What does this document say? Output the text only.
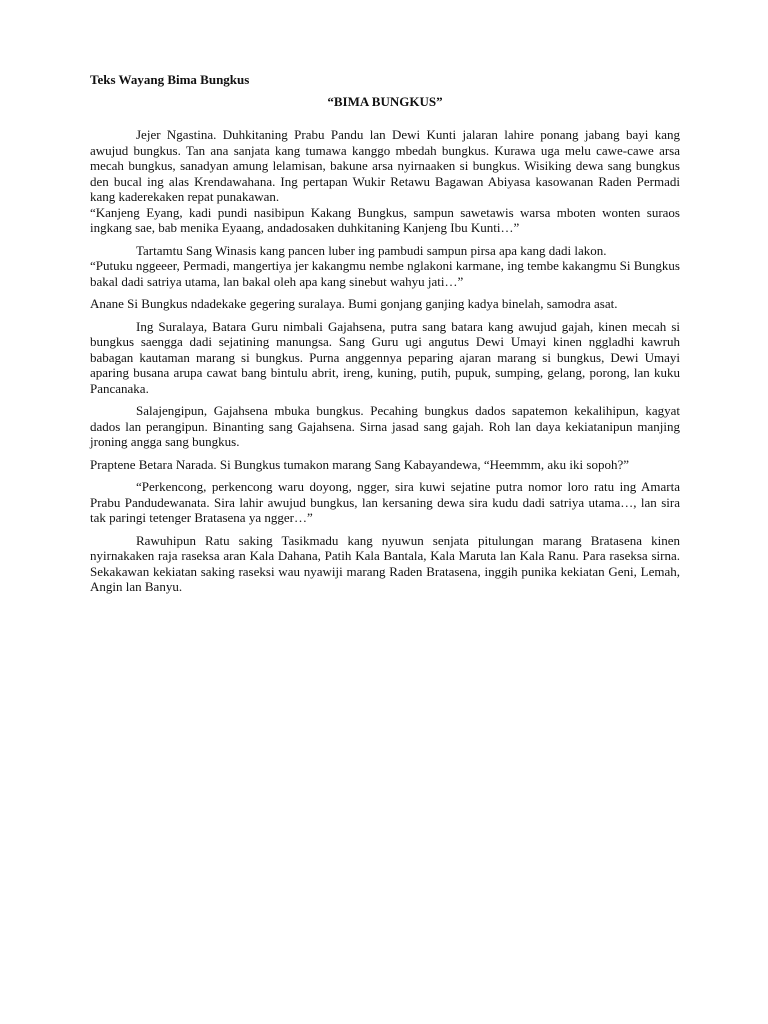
Teks Wayang Bima Bungkus

“BIMA BUNGKUS”

Jejer Ngastina. Duhkitaning Prabu Pandu lan Dewi Kunti jalaran lahire ponang jabang bayi kang awujud bungkus. Tan ana sanjata kang tumawa kanggo mbedah bungkus. Kurawa uga melu cawe-cawe arsa mecah bungkus, sanadyan amung lelamisan, bakune arsa nyirnaaken si bungkus. Wisiking dewa sang bungkus den bucal ing alas Krendawahana. Ing pertapan Wukir Retawu Bagawan Abiyasa kasowanan Raden Permadi kang kaderekaken repat punakawan.

“Kanjeng Eyang, kadi pundi nasibipun Kakang Bungkus, sampun sawetawis warsa mboten wonten suraos ingkang sae, bab menika Eyaang, andadosaken duhkitaning Kanjeng Ibu Kunti…”

Tartamtu Sang Winasis kang pancen luber ing pambudi sampun pirsa apa kang dadi lakon.

“Putuku nggeeer, Permadi, mangertiya jer kakangmu nembe nglakoni karmane, ing tembe kakangmu Si Bungkus bakal dadi satriya utama, lan bakal oleh apa kang sinebut wahyu jati…”

Anane Si Bungkus ndadekake gegering suralaya. Bumi gonjang ganjing kadya binelah, samodra asat.

Ing Suralaya, Batara Guru nimbali Gajahsena, putra sang batara kang awujud gajah, kinen mecah si bungkus saengga dadi sejatining manungsa. Sang Guru ugi angutus Dewi Umayi kinen nggladhi kawruh babagan kautaman marang si bungkus. Purna anggennya peparing ajaran marang si bungkus, Dewi Umayi aparing busana arupa cawat bang bintulu abrit, ireng, kuning, putih, pupuk, sumping, gelang, porong, lan kuku Pancanaka.

Salajengipun, Gajahsena mbuka bungkus. Pecahing bungkus dados sapatemon kekalihipun, kagyat dados lan perangipun. Binanting sang Gajahsena. Sirna jasad sang gajah. Roh lan daya kekiatanipun manjing jroning angga sang bungkus.

Praptene Betara Narada. Si Bungkus tumakon marang Sang Kabayandewa, “Heemmm, aku iki sopoh?”

“Perkencong, perkencong waru doyong, ngger, sira kuwi sejatine putra nomor loro ratu ing Amarta Prabu Pandudewanata. Sira lahir awujud bungkus, lan kersaning dewa sira kudu dadi satriya utama…, lan sira tak paringi tetenger Bratasena ya ngger…”

Rawuhipun Ratu saking Tasikmadu kang nyuwun senjata pitulungan marang Bratasena kinen nyirnakaken raja raseksa aran Kala Dahana, Patih Kala Bantala, Kala Maruta lan Kala Ranu. Para raseksa sirna. Sekakawan kekiatan saking raseksi wau nyawiji marang Raden Bratasena, inggih punika kekiatan Geni, Lemah, Angin lan Banyu.
